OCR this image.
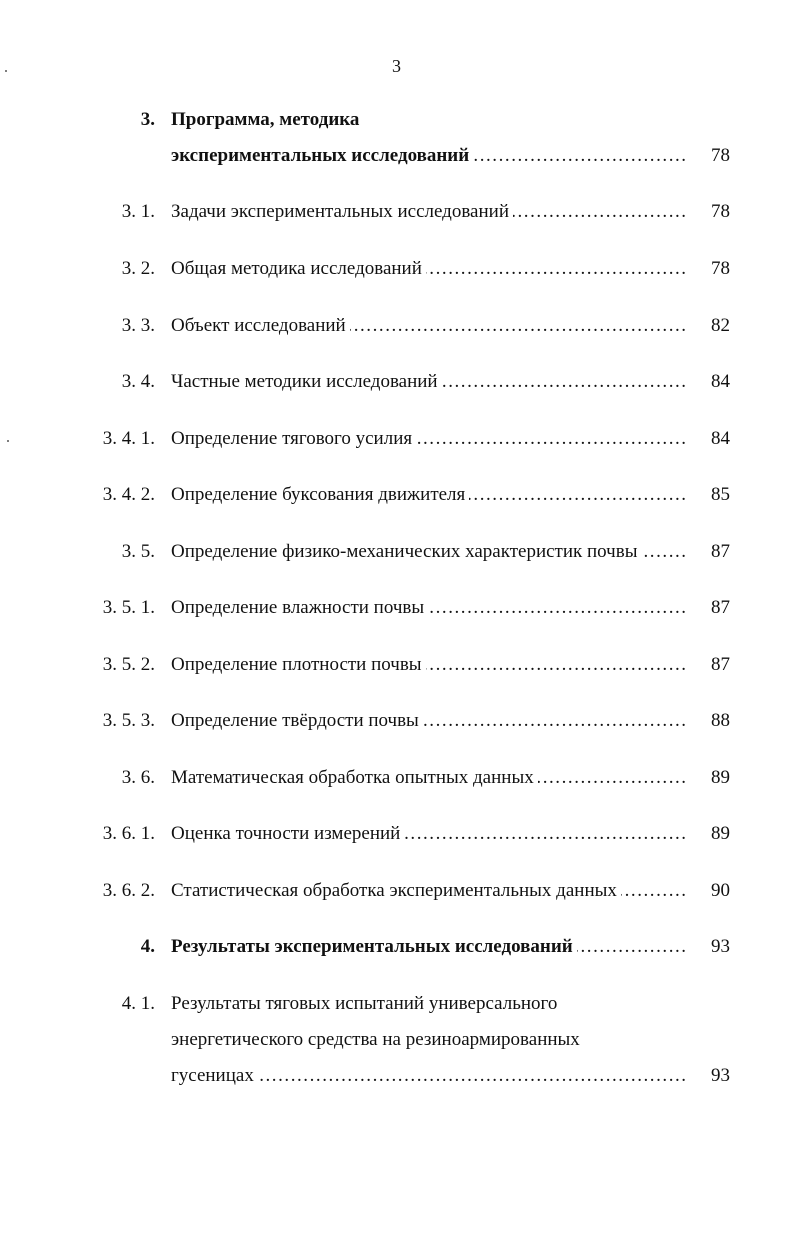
3
3. Программа, методика
экспериментальных исследований . . .	78
3. 1. Задачи экспериментальных исследований . . .	78
3. 2. Общая методика исследований . . .	78
3. 3. Объект исследований . . .	82
3. 4. Частные методики исследований . . .	84
3. 4. 1. Определение тягового усилия . . .	84
3. 4. 2. Определение буксования движителя . . .	85
3. 5. Определение физико-механических характеристик почвы . . .	87
3. 5. 1. Определение влажности почвы . . .	87
3. 5. 2. Определение плотности почвы . . .	87
3. 5. 3. Определение твёрдости почвы . . .	88
3. 6. Математическая обработка опытных данных . . .	89
3. 6. 1. Оценка точности измерений . . .	89
3. 6. 2. Статистическая обработка экспериментальных данных . . .	90
4. Результаты экспериментальных исследований . . .	93
4. 1. Результаты тяговых испытаний универсального
энергетического средства на резиноармированных
гусеницах . . .	93
